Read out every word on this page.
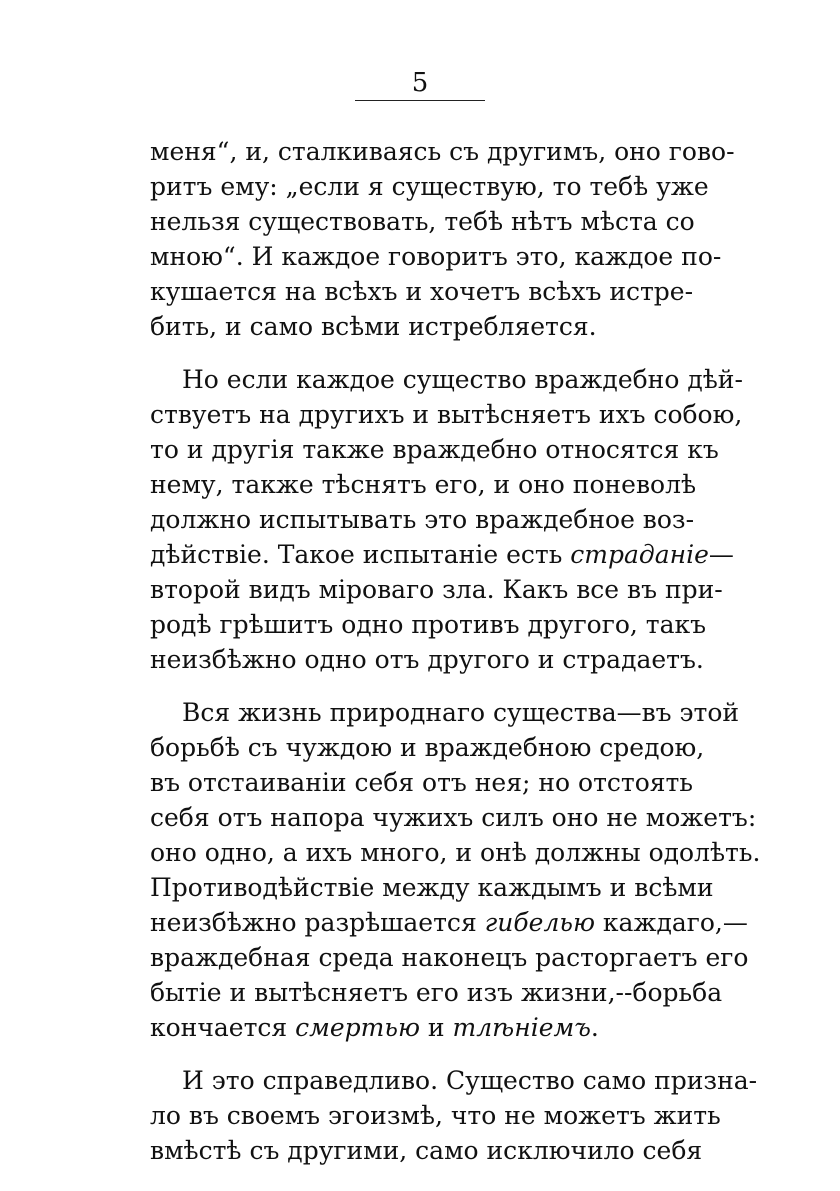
5
меня“, и, сталкиваясь съ другимъ, оно гово-
ритъ ему: „если я существую, то тебѣ уже
нельзя существовать, тебѣ нѣтъ мѣста со
мною“. И каждое говоритъ это, каждое по-
кушается на всѣхъ и хочетъ всѣхъ истре-
бить, и само всѣми истребляется.
Но если каждое существо враждебно дѣй-
ствуетъ на другихъ и вытѣсняетъ ихъ собою,
то и другія также враждебно относятся къ
нему, также тѣснятъ его, и оно поневолѣ
должно испытывать это враждебное воз-
дѣйствіе. Такое испытаніе есть страданіе—
второй видъ міроваго зла. Какъ все въ при-
родѣ грѣшитъ одно противъ другого, такъ
неизбѣжно одно отъ другого и страдаетъ.
Вся жизнь природнаго существа—въ этой
борьбѣ съ чуждою и враждебною средою,
въ отстаиваніи себя отъ нея; но отстоять
себя отъ напора чужихъ силъ оно не можетъ:
оно одно, а ихъ много, и онѣ должны одолѣть.
Противодѣйствіе между каждымъ и всѣми
неизбѣжно разрѣшается гибелью каждаго,—
враждебная среда наконецъ расторгаетъ его
бытіе и вытѣсняетъ его изъ жизни,--борьба
кончается смертью и тлѣніемъ.
И это справедливо. Существо само призна-
ло въ своемъ эгоизмѣ, что не можетъ жить
вмѣстѣ съ другими, само исключило себя
